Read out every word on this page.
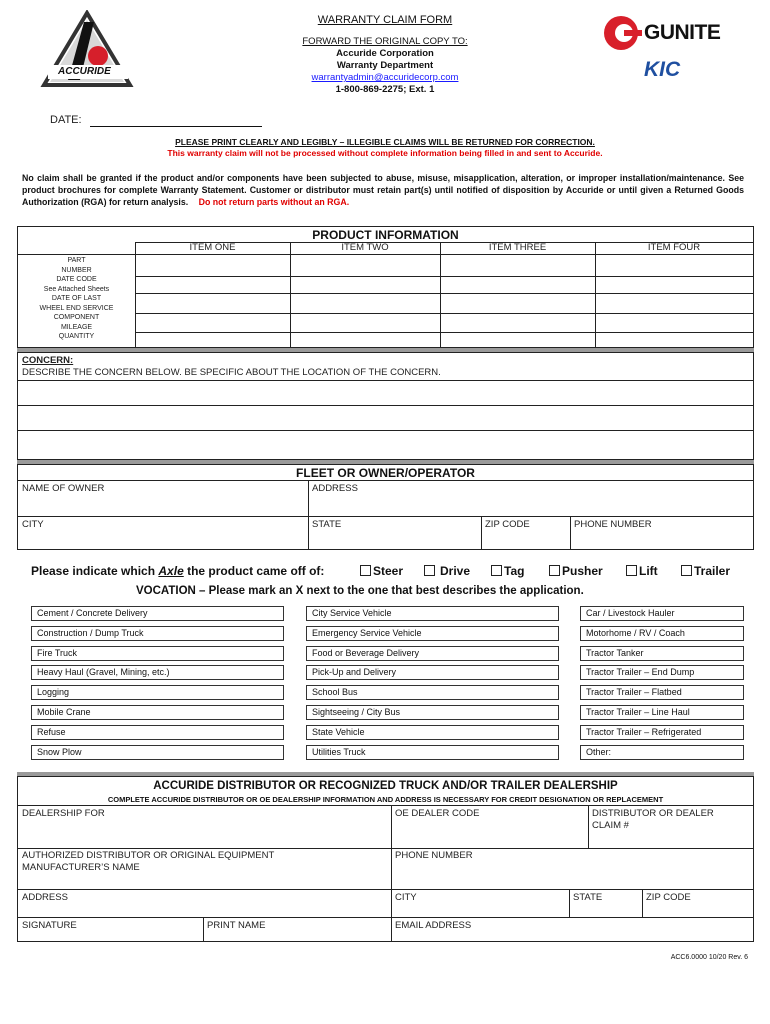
ACCURIDE
GUNITE
KIC
WARRANTY CLAIM FORM
FORWARD THE ORIGINAL COPY TO:
Accuride Corporation
Warranty Department
warrantyadmin@accuridecorp.com
1-800-869-2275; Ext. 1
DATE:
PLEASE PRINT CLEARLY AND LEGIBLY – ILLEGIBLE CLAIMS WILL BE RETURNED FOR CORRECTION.
This warranty claim will not be processed without complete information being filled in and sent to Accuride.
No claim shall be granted if the product and/or components have been subjected to abuse, misuse, misapplication, alteration, or improper installation/maintenance. See product brochures for complete Warranty Statement. Customer or distributor must retain part(s) until notified of disposition by Accuride or until given a Returned Goods Authorization (RGA) for return analysis. Do not return parts without an RGA.
PRODUCT INFORMATION
ITEM ONE	ITEM TWO	ITEM THREE	ITEM FOUR
PART
NUMBER
DATE CODE
See Attached Sheets
DATE OF LAST
WHEEL END SERVICE
COMPONENT
MILEAGE
QUANTITY
CONCERN:
DESCRIBE THE CONCERN BELOW. BE SPECIFIC ABOUT THE LOCATION OF THE CONCERN.
FLEET OR OWNER/OPERATOR
NAME OF OWNER	ADDRESS
CITY	STATE	ZIP CODE	PHONE NUMBER
Please indicate which Axle the product came off of:	Steer	Drive	Tag	Pusher	Lift	Trailer
VOCATION – Please mark an X next to the one that best describes the application.
Cement / Concrete Delivery
Construction / Dump Truck
Fire Truck
Heavy Haul (Gravel, Mining, etc.)
Logging
Mobile Crane
Refuse
Snow Plow
City Service Vehicle
Emergency Service Vehicle
Food or Beverage Delivery
Pick-Up and Delivery
School Bus
Sightseeing / City Bus
State Vehicle
Utilities Truck
Car / Livestock Hauler
Motorhome / RV / Coach
Tractor Tanker
Tractor Trailer – End Dump
Tractor Trailer – Flatbed
Tractor Trailer – Line Haul
Tractor Trailer – Refrigerated
Other:
ACCURIDE DISTRIBUTOR OR RECOGNIZED TRUCK AND/OR TRAILER DEALERSHIP
COMPLETE ACCURIDE DISTRIBUTOR OR OE DEALERSHIP INFORMATION AND ADDRESS IS NECESSARY FOR CREDIT DESIGNATION OR REPLACEMENT
DEALERSHIP FOR	OE DEALER CODE	DISTRIBUTOR OR DEALER
CLAIM #
AUTHORIZED DISTRIBUTOR OR ORIGINAL EQUIPMENT
MANUFACTURER’S NAME
PHONE NUMBER
ADDRESS	CITY	STATE	ZIP CODE
SIGNATURE	PRINT NAME	EMAIL ADDRESS
ACC6.0000 10/20 Rev. 6
